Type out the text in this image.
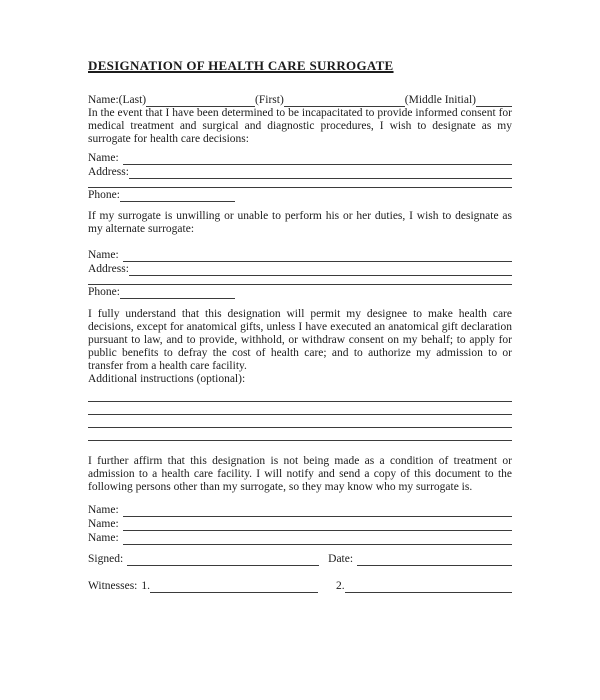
DESIGNATION OF HEALTH CARE SURROGATE
Name:(Last)	(First)	(Middle Initial)

In the event that I have been determined to be incapacitated to provide informed consent for medical treatment and surgical and diagnostic procedures, I wish to designate as my surrogate for health care decisions:

Name:
Address:
Phone:

If my surrogate is unwilling or unable to perform his or her duties, I wish to designate as my alternate surrogate:

Name:
Address:
Phone:

I fully understand that this designation will permit my designee to make health care decisions, except for anatomical gifts, unless I have executed an anatomical gift declaration pursuant to law, and to provide, withhold, or withdraw consent on my behalf; to apply for public benefits to defray the cost of health care; and to authorize my admission to or transfer from a health care facility.

Additional instructions (optional):

I further affirm that this designation is not being made as a condition of treatment or admission to a health care facility. I will notify and send a copy of this document to the following persons other than my surrogate, so they may know who my surrogate is.

Name:
Name:
Name:
Signed:	Date:
Witnesses: 1.	2.
